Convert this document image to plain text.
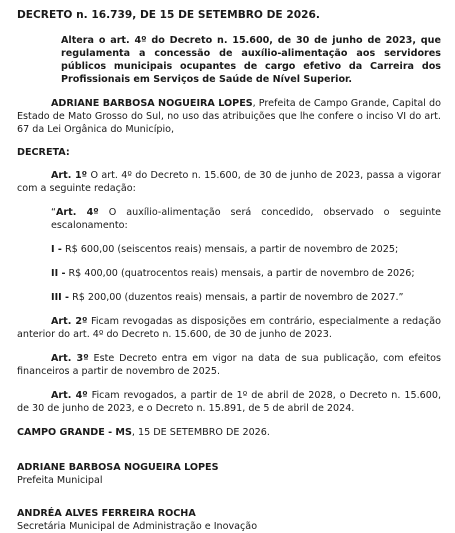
DECRETO n. 16.739, DE 15 DE SETEMBRO DE 2026.

Altera o art. 4º do Decreto n. 15.600, de 30 de junho de 2023, que regulamenta a concessão de auxílio-alimentação aos servidores públicos municipais ocupantes de cargo efetivo da Carreira dos Profissionais em Serviços de Saúde de Nível Superior.

ADRIANE BARBOSA NOGUEIRA LOPES, Prefeita de Campo Grande, Capital do Estado de Mato Grosso do Sul, no uso das atribuições que lhe confere o inciso VI do art. 67 da Lei Orgânica do Município,

DECRETA:

Art. 1º O art. 4º do Decreto n. 15.600, de 30 de junho de 2023, passa a vigorar com a seguinte redação:

“Art. 4º O auxílio-alimentação será concedido, observado o seguinte escalonamento:

I - R$ 600,00 (seiscentos reais) mensais, a partir de novembro de 2025;

II - R$ 400,00 (quatrocentos reais) mensais, a partir de novembro de 2026;

III - R$ 200,00 (duzentos reais) mensais, a partir de novembro de 2027.”

Art. 2º Ficam revogadas as disposições em contrário, especialmente a redação anterior do art. 4º do Decreto n. 15.600, de 30 de junho de 2023.

Art. 3º Este Decreto entra em vigor na data de sua publicação, com efeitos financeiros a partir de novembro de 2025.

Art. 4º Ficam revogados, a partir de 1º de abril de 2028, o Decreto n. 15.600, de 30 de junho de 2023, e o Decreto n. 15.891, de 5 de abril de 2024.

CAMPO GRANDE - MS, 15 DE SETEMBRO DE 2026.

ADRIANE BARBOSA NOGUEIRA LOPES

Prefeita Municipal

ANDRÉA ALVES FERREIRA ROCHA

Secretária Municipal de Administração e Inovação
